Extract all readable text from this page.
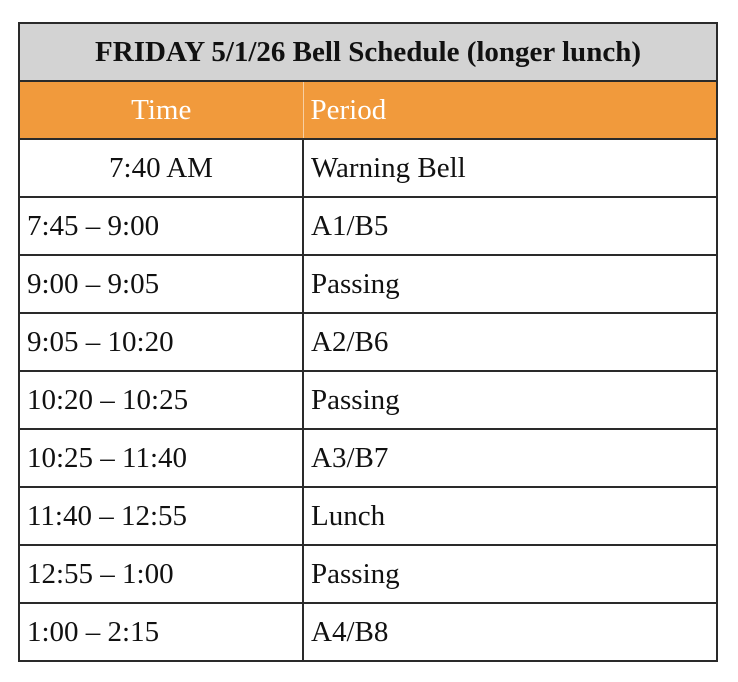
FRIDAY 5/1/26 Bell Schedule (longer lunch)	
Time	Period
7:40 AM	Warning Bell
7:45 – 9:00	A1/B5
9:00 – 9:05	Passing
9:05 – 10:20	A2/B6
10:20 – 10:25	Passing
10:25 – 11:40	A3/B7
11:40 – 12:55	Lunch
12:55 – 1:00	Passing
1:00 – 2:15	A4/B8
